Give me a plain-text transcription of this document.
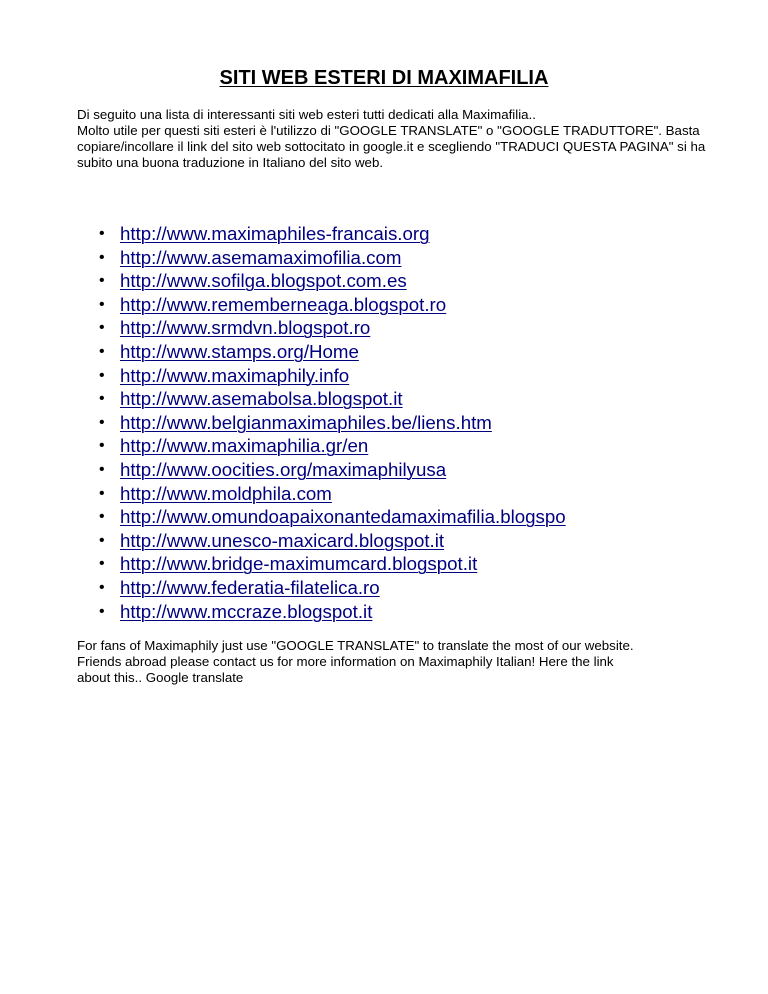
SITI WEB ESTERI DI MAXIMAFILIA

Di seguito una lista di interessanti siti web esteri tutti dedicati alla Maximafilia..

Molto utile per questi siti esteri è l'utilizzo di "GOOGLE TRANSLATE" o "GOOGLE TRADUTTORE". Basta copiare/incollare il link del sito web sottocitato in google.it e scegliendo "TRADUCI QUESTA PAGINA" si ha subito una buona traduzione in Italiano del sito web.

• http://www.maximaphiles-francais.org
• http://www.asemamaximofilia.com
• http://www.sofilga.blogspot.com.es
• http://www.rememberneaga.blogspot.ro
• http://www.srmdvn.blogspot.ro
• http://www.stamps.org/Home
• http://www.maximaphily.info
• http://www.asemabolsa.blogspot.it
• http://www.belgianmaximaphiles.be/liens.htm
• http://www.maximaphilia.gr/en
• http://www.oocities.org/maximaphilyusa
• http://www.moldphila.com
• http://www.omundoapaixonantedamaximafilia.blogspo
• http://www.unesco-maxicard.blogspot.it
• http://www.bridge-maximumcard.blogspot.it
• http://www.federatia-filatelica.ro
• http://www.mccraze.blogspot.it

For fans of Maximaphily just use "GOOGLE TRANSLATE" to translate the most of our website. Friends abroad please contact us for more information on Maximaphily Italian! Here the link about this.. Google translate
